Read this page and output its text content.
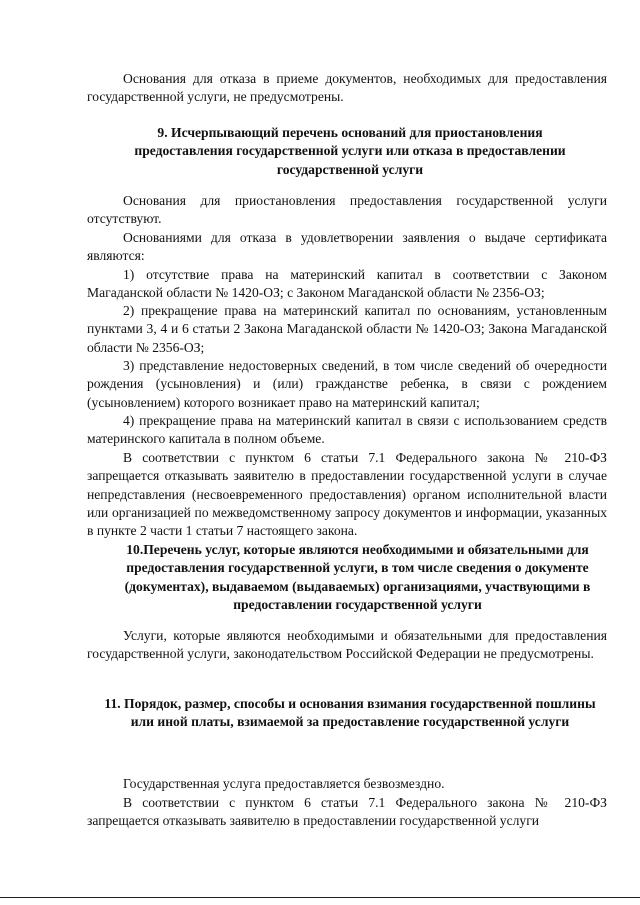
Основания для отказа в приеме документов, необходимых для предоставления государственной услуги, не предусмотрены.

9. Исчерпывающий перечень оснований для приостановления предоставления государственной услуги или отказа в предоставлении государственной услуги

Основания для приостановления предоставления государственной услуги отсутствуют.

Основаниями для отказа в удовлетворении заявления о выдаче сертификата являются:

1) отсутствие права на материнский капитал в соответствии с Законом Магаданской области № 1420-ОЗ; с Законом Магаданской области № 2356-ОЗ;

2) прекращение права на материнский капитал по основаниям, установленным пунктами 3, 4 и 6 статьи 2 Закона Магаданской области № 1420-ОЗ; Закона Магаданской области № 2356-ОЗ;

3) представление недостоверных сведений, в том числе сведений об очередности рождения (усыновления) и (или) гражданстве ребенка, в связи с рождением (усыновлением) которого возникает право на материнский капитал;

4) прекращение права на материнский капитал в связи с использованием средств материнского капитала в полном объеме.

В соответствии с пунктом 6 статьи 7.1 Федерального закона № 210-ФЗ запрещается отказывать заявителю в предоставлении государственной услуги в случае непредставления (несвоевременного предоставления) органом исполнительной власти или организацией по межведомственному запросу документов и информации, указанных в пункте 2 части 1 статьи 7 настоящего закона.

10.Перечень услуг, которые являются необходимыми и обязательными для предоставления государственной услуги, в том числе сведения о документе (документах), выдаваемом (выдаваемых) организациями, участвующими в предоставлении государственной услуги

Услуги, которые являются необходимыми и обязательными для предоставления государственной услуги, законодательством Российской Федерации не предусмотрены.

11. Порядок, размер, способы и основания взимания государственной пошлины или иной платы, взимаемой за предоставление государственной услуги

Государственная услуга предоставляется безвозмездно.

В соответствии с пунктом 6 статьи 7.1 Федерального закона № 210-ФЗ запрещается отказывать заявителю в предоставлении государственной услуги
